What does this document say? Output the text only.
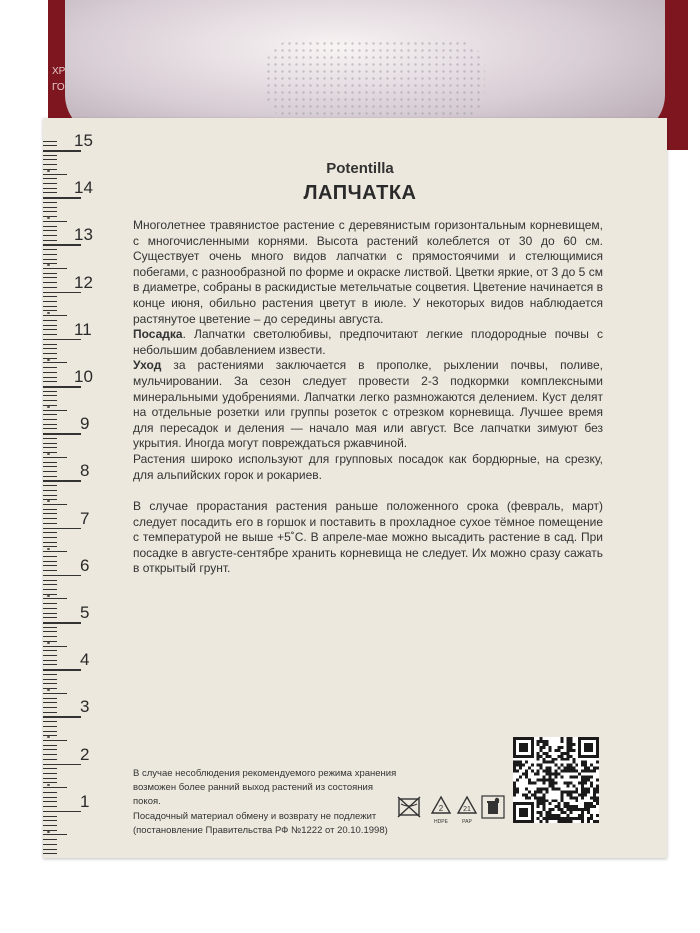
ХР
ГО
15
14
13
12
11
10
9
8
7
6
5
4
3
2
1
Potentilla
ЛАПЧАТКА

Многолетнее травянистое растение с деревянистым горизонтальным корневищем, с многочисленными корнями. Высота растений колеблется от 30 до 60 см. Существует очень много видов лапчатки с прямостоячими и стелющимися побегами, с разнообразной по форме и окраске листвой. Цветки яркие, от 3 до 5 см в диаметре, собраны в раскидистые метельчатые соцветия. Цветение начинается в конце июня, обильно растения цветут в июле. У некоторых видов наблюдается растянутое цветение – до середины августа.

Посадка. Лапчатки светолюбивы, предпочитают легкие плодородные почвы с небольшим добавлением извести.

Уход за растениями заключается в прополке, рыхлении почвы, поливе, мульчировании. За сезон следует провести 2-3 подкормки комплексными минеральными удобрениями. Лапчатки легко размножаются делением. Куст делят на отдельные розетки или группы розеток с отрезком корневища. Лучшее время для пересадок и деления — начало мая или август. Все лапчатки зимуют без укрытия. Иногда могут повреждаться ржавчиной.

Растения широко используют для групповых посадок как бордюрные, на срезку, для альпийских горок и рокариев.

В случае прорастания растения раньше положенного срока (февраль, март) следует посадить его в горшок и поставить в прохладное сухое тёмное помещение с температурой не выше +5˚С. В апреле-мае можно высадить растение в сад. При посадке в августе-сентябре хранить корневища не следует. Их можно сразу сажать в открытый грунт.

В случае несоблюдения рекомендуемого режима хранения

возможен более ранний выход растений из состояния покоя.

Посадочный материал обмену и возврату не подлежит

(постановление Правительства РФ №1222 от 20.10.1998)

2
HDPE
21
PAP
